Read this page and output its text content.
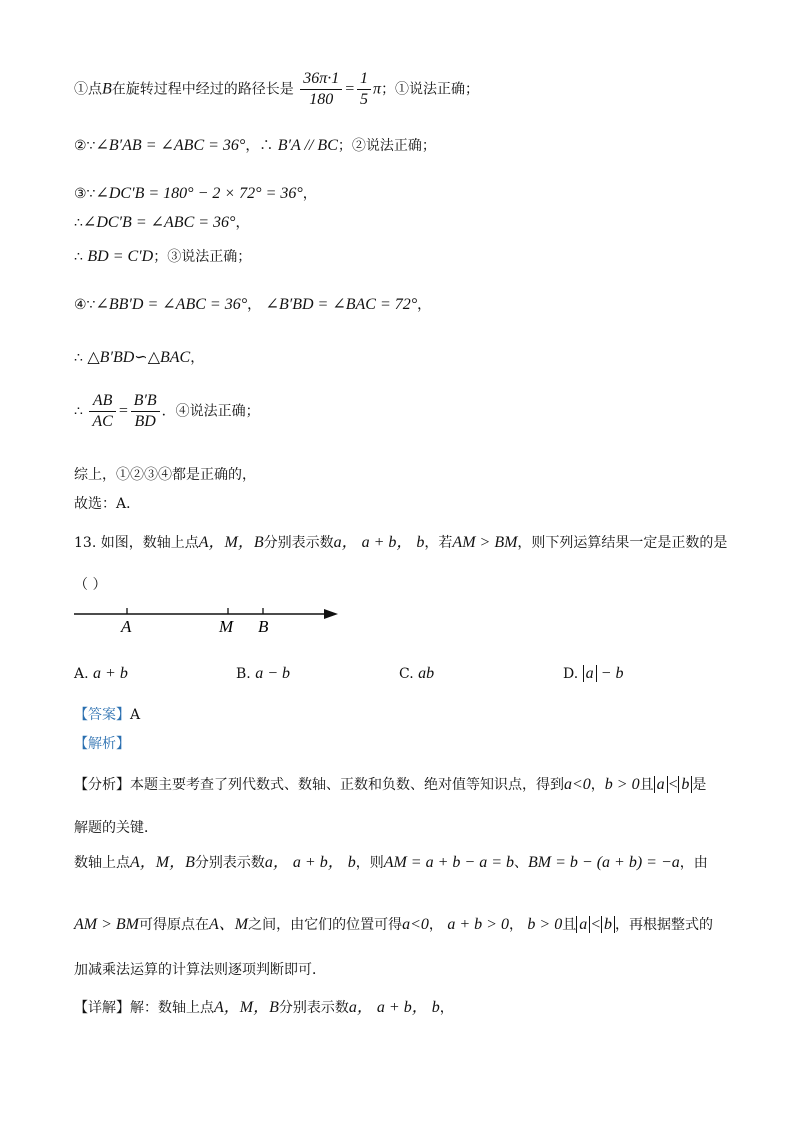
①点B在旋转过程中经过的路径长是 $\frac{36\pi\cdot 1}{180} = \frac{1}{5}$ π；①说法正确；
②∵∠B′AB = ∠ABC = 36°，∴ B′A // BC；②说法正确；
③∵∠DC′B = 180° − 2 × 72° = 36°，
∴∠DC′B = ∠ABC = 36°，
∴ BD = C′D；③说法正确；
④∵∠BB′D = ∠ABC = 36°， ∠B′BD = ∠BAC = 72°，
∴ △B′BD∽△BAC，
∴ $\frac{AB}{AC} = \frac{B'B}{BD}$ ．④说法正确；
综上，①②③④都是正确的，
故选：A．
13. 如图，数轴上点A，M，B分别表示数a， a + b， b，若AM > BM，则下列运算结果一定是正数的是
（ ）
A	M B
A. a + b	B. a − b	C. ab	D. a − b
【答案】A
【解析】
【分析】本题主要考查了列代数式、数轴、正数和负数、绝对值等知识点，得到a<0，b > 0且 a < b 是
解题的关键．
数轴上点A，M，B分别表示数a， a + b， b，则AM = a + b − a = b、BM = b − (a + b) = −a，由
AM > BM可得原点在A、M之间，由它们的位置可得a<0， a + b > 0， b > 0且 a < b ，再根据整式的
加减乘法运算的计算法则逐项判断即可．
【详解】解：数轴上点A，M，B分别表示数a， a + b， b，
